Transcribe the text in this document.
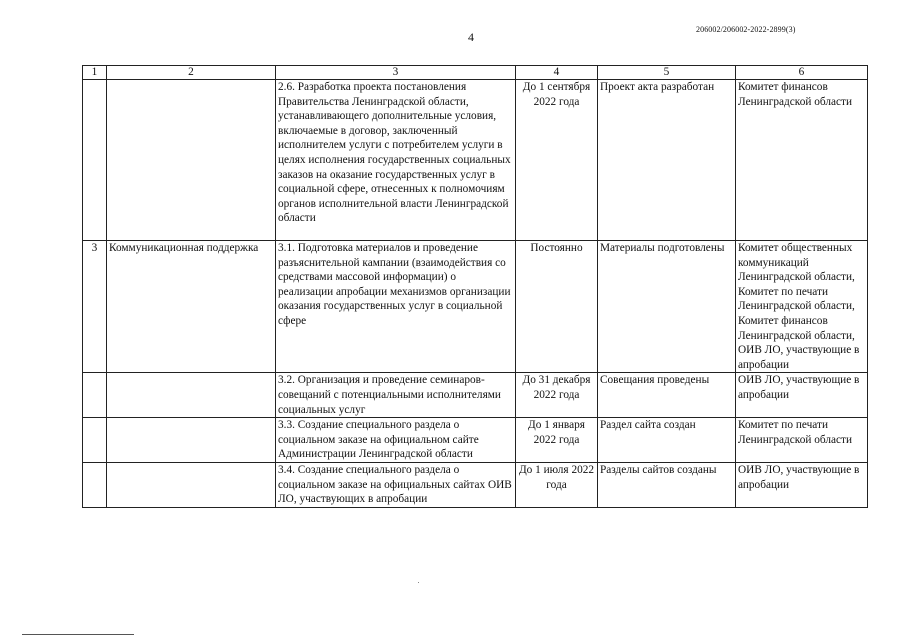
4
206002/206002-2022-2899(3)
1	2	3	4	5	6
		2.6. Разработка проекта постановления Правительства Ленинградской области, устанавливающего дополнительные условия, включаемые в договор, заключенный исполнителем услуги с потребителем услуги в целях исполнения государственных социальных заказов на оказание государственных услуг в социальной сфере, отнесенных к полномочиям органов исполнительной власти Ленинградской области	До 1 сентября 2022 года	Проект акта разработан	Комитет финансов Ленинградской области
3	Коммуникационная поддержка	3.1. Подготовка материалов и проведение разъяснительной кампании (взаимодействия со средствами массовой информации) о реализации апробации механизмов организации оказания государственных услуг в социальной сфере	Постоянно	Материалы подготовлены	Комитет общественных коммуникаций Ленинградской области, Комитет по печати Ленинградской области, Комитет финансов Ленинградской области, ОИВ ЛО, участвующие в апробации
		3.2. Организация и проведение семинаров-совещаний с потенциальными исполнителями социальных услуг	До 31 декабря 2022 года	Совещания проведены	ОИВ ЛО, участвующие в апробации
		3.3. Создание специального раздела о социальном заказе на официальном сайте Администрации Ленинградской области	До 1 января 2022 года	Раздел сайта создан	Комитет по печати Ленинградской области
		3.4. Создание специального раздела о социальном заказе на официальных сайтах ОИВ ЛО, участвующих в апробации	До 1 июля 2022 года	Разделы сайтов созданы	ОИВ ЛО, участвующие в апробации
